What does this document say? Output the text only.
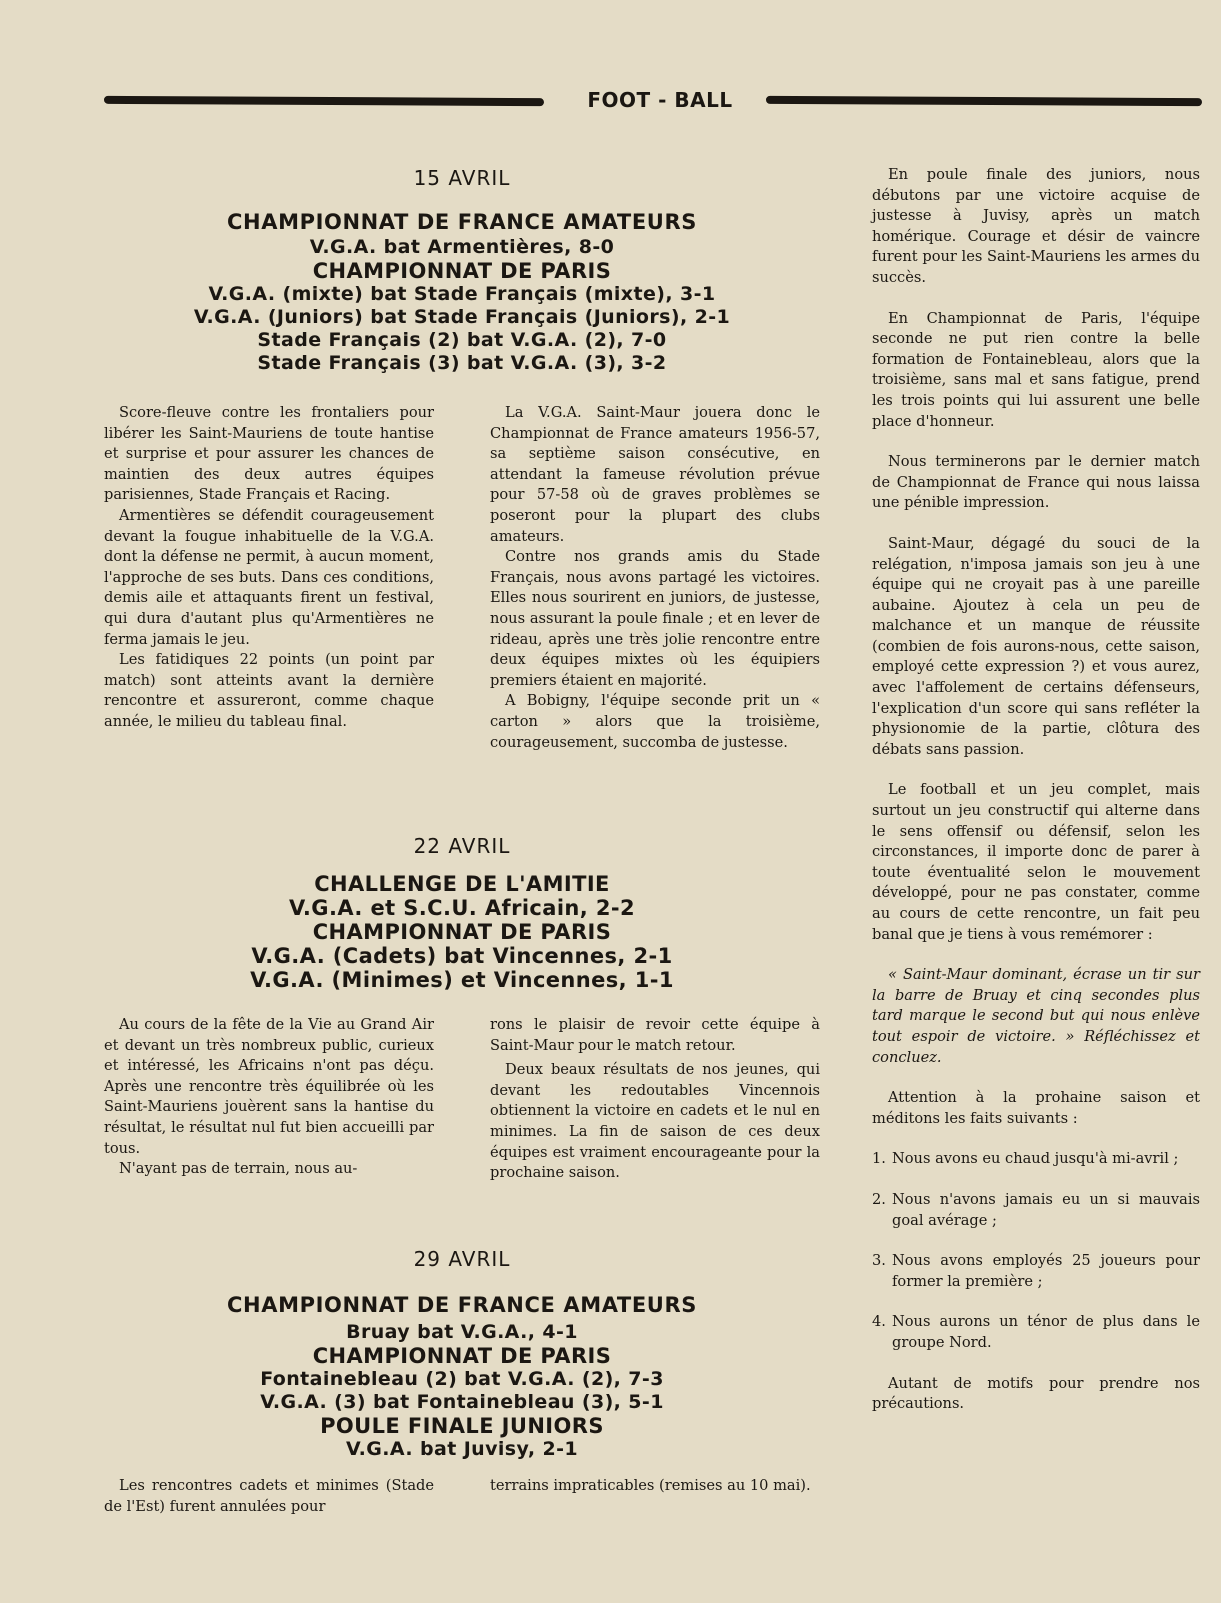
FOOT - BALL
15 AVRIL
CHAMPIONNAT DE FRANCE AMATEURS
V.G.A. bat Armentières, 8-0
CHAMPIONNAT DE PARIS
V.G.A. (mixte) bat Stade Français (mixte), 3-1
V.G.A. (Juniors) bat Stade Français (Juniors), 2-1
Stade Français (2) bat V.G.A. (2), 7-0
Stade Français (3) bat V.G.A. (3), 3-2

Score-fleuve contre les frontaliers pour libérer les Saint-Mauriens de toute hantise et surprise et pour assurer les chances de maintien des deux autres équipes parisiennes, Stade Français et Racing.

Armentières se défendit courageusement devant la fougue inhabituelle de la V.G.A. dont la défense ne permit, à aucun moment, l'approche de ses buts. Dans ces conditions, demis aile et attaquants firent un festival, qui dura d'autant plus qu'Armentières ne ferma jamais le jeu.

Les fatidiques 22 points (un point par match) sont atteints avant la dernière rencontre et assureront, comme chaque année, le milieu du tableau final.

La V.G.A. Saint-Maur jouera donc le Championnat de France amateurs 1956-57, sa septième saison consécutive, en attendant la fameuse révolution prévue pour 57-58 où de graves problèmes se poseront pour la plupart des clubs amateurs.

Contre nos grands amis du Stade Français, nous avons partagé les victoires. Elles nous sourirent en juniors, de justesse, nous assurant la poule finale ; et en lever de rideau, après une très jolie rencontre entre deux équipes mixtes où les équipiers premiers étaient en majorité.

A Bobigny, l'équipe seconde prit un « carton » alors que la troisième, courageusement, succomba de justesse.

22 AVRIL
CHALLENGE DE L'AMITIE
V.G.A. et S.C.U. Africain, 2-2
CHAMPIONNAT DE PARIS
V.G.A. (Cadets) bat Vincennes, 2-1
V.G.A. (Minimes) et Vincennes, 1-1

Au cours de la fête de la Vie au Grand Air et devant un très nombreux public, curieux et intéressé, les Africains n'ont pas déçu. Après une rencontre très équilibrée où les Saint-Mauriens jouèrent sans la hantise du résultat, le résultat nul fut bien accueilli par tous.

N'ayant pas de terrain, nous au-

rons le plaisir de revoir cette équipe à Saint-Maur pour le match retour.

Deux beaux résultats de nos jeunes, qui devant les redoutables Vincennois obtiennent la victoire en cadets et le nul en minimes. La fin de saison de ces deux équipes est vraiment encourageante pour la prochaine saison.

29 AVRIL
CHAMPIONNAT DE FRANCE AMATEURS
Bruay bat V.G.A., 4-1
CHAMPIONNAT DE PARIS
Fontainebleau (2) bat V.G.A. (2), 7-3
V.G.A. (3) bat Fontainebleau (3), 5-1
POULE FINALE JUNIORS
V.G.A. bat Juvisy, 2-1

Les rencontres cadets et minimes (Stade de l'Est) furent annulées pour

terrains impraticables (remises au 10 mai).

En poule finale des juniors, nous débutons par une victoire acquise de justesse à Juvisy, après un match homérique. Courage et désir de vaincre furent pour les Saint-Mauriens les armes du succès.

En Championnat de Paris, l'équipe seconde ne put rien contre la belle formation de Fontainebleau, alors que la troisième, sans mal et sans fatigue, prend les trois points qui lui assurent une belle place d'honneur.

Nous terminerons par le dernier match de Championnat de France qui nous laissa une pénible impression.

Saint-Maur, dégagé du souci de la relégation, n'imposa jamais son jeu à une équipe qui ne croyait pas à une pareille aubaine. Ajoutez à cela un peu de malchance et un manque de réussite (combien de fois aurons-nous, cette saison, employé cette expression ?) et vous aurez, avec l'affolement de certains défenseurs, l'explication d'un score qui sans refléter la physionomie de la partie, clôtura des débats sans passion.

Le football et un jeu complet, mais surtout un jeu constructif qui alterne dans le sens offensif ou défensif, selon les circonstances, il importe donc de parer à toute éventualité selon le mouvement développé, pour ne pas constater, comme au cours de cette rencontre, un fait peu banal que je tiens à vous remémorer :

« Saint-Maur dominant, écrase un tir sur la barre de Bruay et cinq secondes plus tard marque le second but qui nous enlève tout espoir de victoire. » Réfléchissez et concluez.

Attention à la prohaine saison et méditons les faits suivants :

1. Nous avons eu chaud jusqu'à mi-avril ;
2. Nous n'avons jamais eu un si mauvais goal avérage ;
3. Nous avons employés 25 joueurs pour former la première ;
4. Nous aurons un ténor de plus dans le groupe Nord.

Autant de motifs pour prendre nos précautions.
